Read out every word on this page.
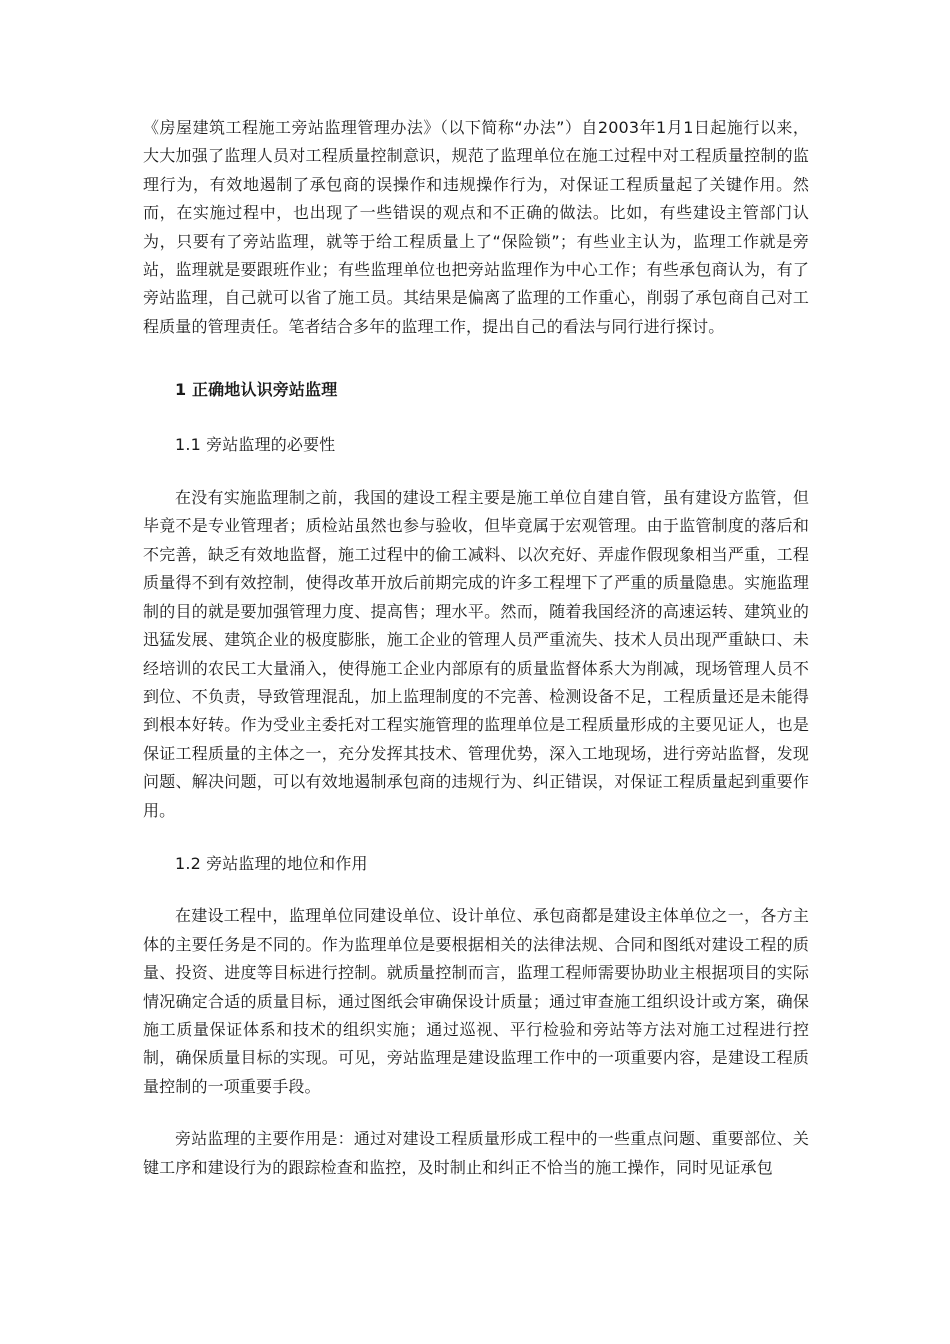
《房屋建筑工程施工旁站监理管理办法》（以下简称“办法”）自2003年1月1日起施行以来，大大加强了监理人员对工程质量控制意识，规范了监理单位在施工过程中对工程质量控制的监理行为，有效地遏制了承包商的误操作和违规操作行为，对保证工程质量起了关键作用。然而，在实施过程中，也出现了一些错误的观点和不正确的做法。比如，有些建设主管部门认为，只要有了旁站监理，就等于给工程质量上了“保险锁”；有些业主认为，监理工作就是旁站，监理就是要跟班作业；有些监理单位也把旁站监理作为中心工作；有些承包商认为，有了旁站监理，自己就可以省了施工员。其结果是偏离了监理的工作重心，削弱了承包商自己对工程质量的管理责任。笔者结合多年的监理工作，提出自己的看法与同行进行探讨。

1 正确地认识旁站监理

1.1 旁站监理的必要性

在没有实施监理制之前，我国的建设工程主要是施工单位自建自管，虽有建设方监管，但毕竟不是专业管理者；质检站虽然也参与验收，但毕竟属于宏观管理。由于监管制度的落后和不完善，缺乏有效地监督，施工过程中的偷工减料、以次充好、弄虚作假现象相当严重，工程质量得不到有效控制，使得改革开放后前期完成的许多工程埋下了严重的质量隐患。实施监理制的目的就是要加强管理力度、提高售；理水平。然而，随着我国经济的高速运转、建筑业的迅猛发展、建筑企业的极度膨胀，施工企业的管理人员严重流失、技术人员出现严重缺口、未经培训的农民工大量涌入，使得施工企业内部原有的质量监督体系大为削减，现场管理人员不到位、不负责，导致管理混乱，加上监理制度的不完善、检测设备不足，工程质量还是未能得到根本好转。作为受业主委托对工程实施管理的监理单位是工程质量形成的主要见证人，也是保证工程质量的主体之一，充分发挥其技术、管理优势，深入工地现场，进行旁站监督，发现问题、解决问题，可以有效地遏制承包商的违规行为、纠正错误，对保证工程质量起到重要作用。

1.2 旁站监理的地位和作用

在建设工程中，监理单位同建设单位、设计单位、承包商都是建设主体单位之一，各方主体的主要任务是不同的。作为监理单位是要根据相关的法律法规、合同和图纸对建设工程的质量、投资、进度等目标进行控制。就质量控制而言，监理工程师需要协助业主根据项目的实际情况确定合适的质量目标，通过图纸会审确保设计质量；通过审查施工组织设计或方案，确保施工质量保证体系和技术的组织实施；通过巡视、平行检验和旁站等方法对施工过程进行控制，确保质量目标的实现。可见，旁站监理是建设监理工作中的一项重要内容，是建设工程质量控制的一项重要手段。

旁站监理的主要作用是：通过对建设工程质量形成工程中的一些重点问题、重要部位、关键工序和建设行为的跟踪检查和监控，及时制止和纠正不恰当的施工操作，同时见证承包
